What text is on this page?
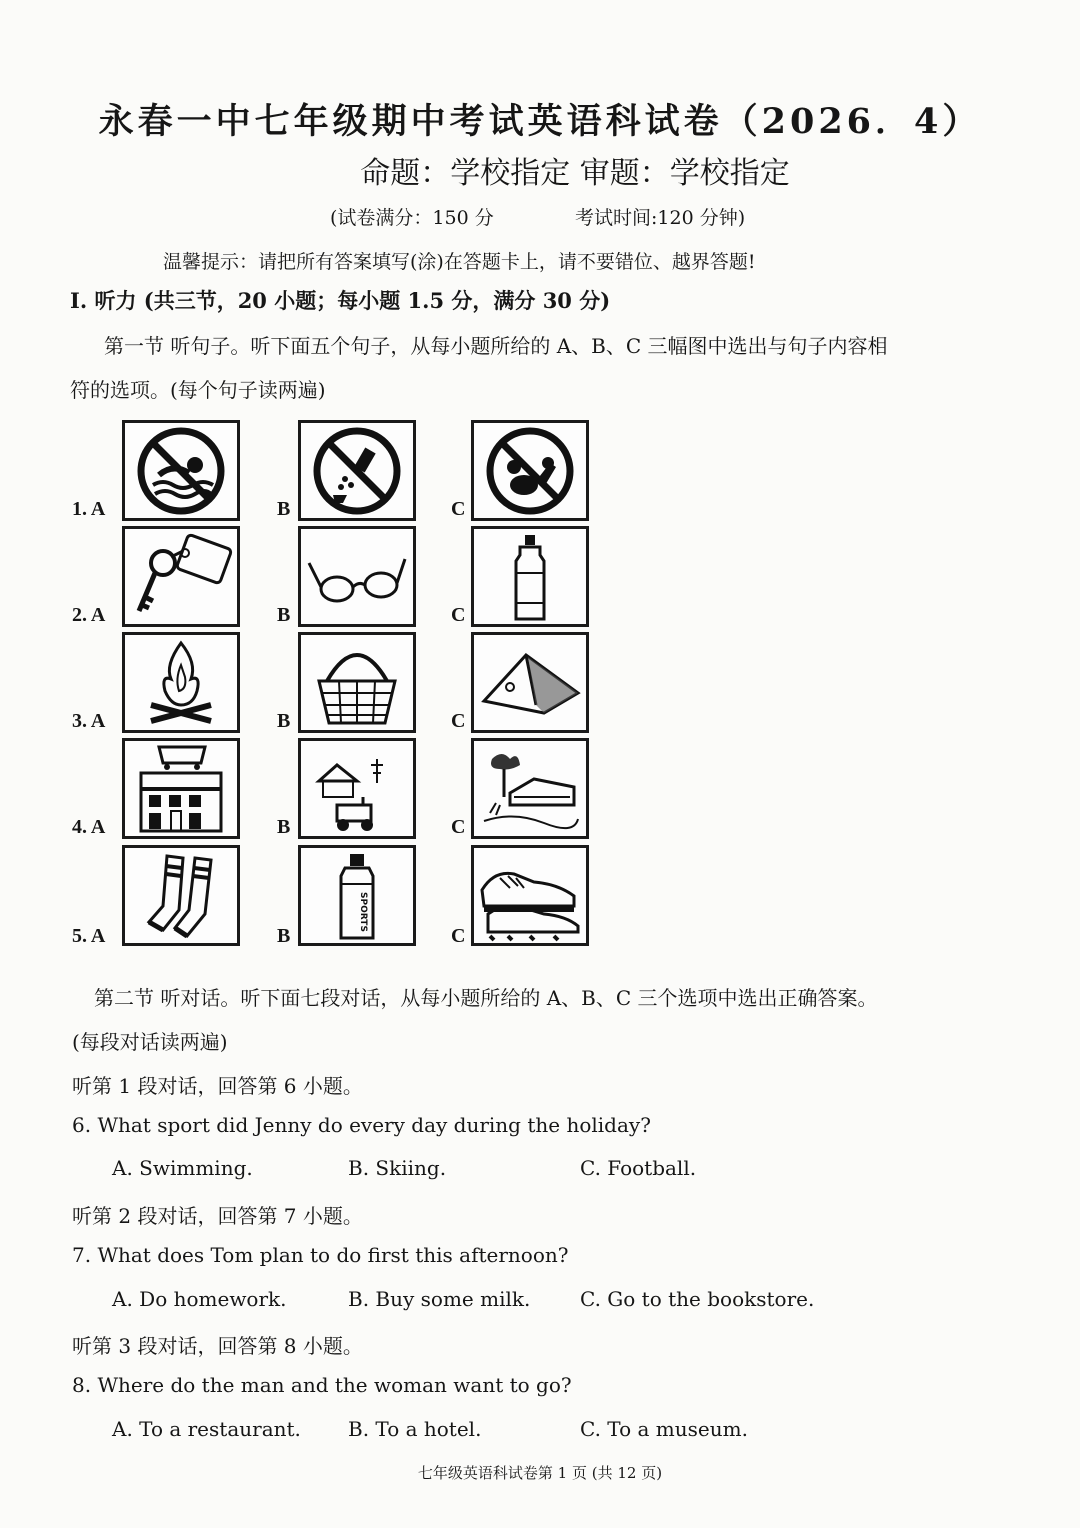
永春一中七年级期中考试英语科试卷（2026．4）
命题：学校指定 审题：学校指定
(试卷满分：150 分	考试时间:120 分钟)
温馨提示：请把所有答案填写(涂)在答题卡上，请不要错位、越界答题!
I. 听力 (共三节，20 小题；每小题 1.5 分，满分 30 分)
第一节 听句子。听下面五个句子，从每小题所给的 A、B、C 三幅图中选出与句子内容相
符的选项。(每个句子读两遍)
1. A	B	C
2. A	B	C
3. A	B	C
4. A	B	C
5. A	B
SPORTS
C
第二节 听对话。听下面七段对话，从每小题所给的 A、B、C 三个选项中选出正确答案。
(每段对话读两遍)
听第 1 段对话，回答第 6 小题。
6. What sport did Jenny do every day during the holiday?
A. Swimming.	B. Skiing.	C. Football.
听第 2 段对话，回答第 7 小题。
7. What does Tom plan to do first this afternoon?
A. Do homework.	B. Buy some milk. C. Go to the bookstore.
听第 3 段对话，回答第 8 小题。
8. Where do the man and the woman want to go?
A. To a restaurant. B. To a hotel.	C. To a museum.
七年级英语科试卷第 1 页 (共 12 页)
